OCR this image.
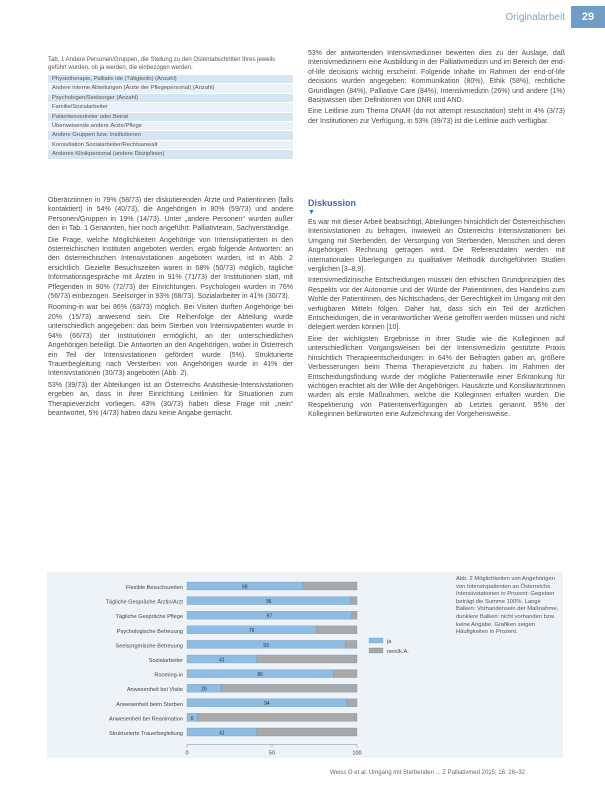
Originalarbeit	29
Tab. 1 Andere Personen/Gruppen, die Stellung zu den Ostentabschritten Ihres jeweils geführt wurden, ob ja werden, die einbezogen werden.
Physiotherapie, Palliativ ide (Tätigkeitn) (Anzahl)
Andere interne Abteilungen (Ärzte der Pflegepersonal) (Anzahl)
Psychologen/Seelsorger (Anzahl)
Familie/Sozialarbeiter
Patientenvertreter oder Beirat
Überweisende andere Ärzte/Pflege
Andere Gruppen bzw. Institutionen
Konsultation Sozialarbeiter/Rechtsanwalt
Anderes Klinikpersonal (andere Disziplinen)

53% der antwortenden Intensivmediziner bewerten dies zu der Auslage, daß Intensivmedizinern eine Ausbildung in der Palliativmedizin und im Bereich der end-of-life decisions wichtig erscheint. Folgende Inhalte im Rahmen der end-of-life decisions wurden angegeben: Kommunikation (80%), Ethik (58%), rechtliche Grundlagen (84%), Palliative Care (84%), Intensivmedizin (26%) und andere (1%) Basiswissen über Definitionen von DNR und AND.

Eine Leitlinie zum Thema DNAR (do not attempt resuscitation) steht in 4% (3/73) der Institutionen zur Verfügung, in 53% (39/73) ist die Leitlinie auch verfügbar.

Oberärztinnen in 79% (58/73) der diskutierenden Ärzte und Patientinnen (falls kontaktiert) in 54% (40/73), die Angehörigen in 80% (59/73) und andere Personen/Gruppen in 19% (14/73). Unter „andere Personen“ wurden außer den in Tab. 1 Genannten, hier noch angeführt: Palliativteam, Sachverständige.

Die Frage, welche Möglichkeiten Angehörige von Intensivpatienten in den österreichischen Instituten angeboten werden, ergab folgende Antworten: an den österreichischen Intensivstationen angeboten wurden, ist in Abb. 2 ersichtlich. Gezielte Besuchszeiten waren in 68% (50/73) möglich, tägliche Informationsgespräche mit Ärzten in 91% (71/73) der Institutionen statt, mit Pflegenden in 90% (72/73) der Einrichtungen. Psychologen wurden in 76% (56/73) einbezogen. Seelsorger in 93% (68/73). Sozialarbeiter in 41% (30/73).

Rooming-in war bei 86% (63/73) möglich. Bei Visiten durften Angehörige bei 20% (15/73) anwesend sein. Die Reihenfolge der Abteilung wurde unterschiedlich angegeben: das beim Sterben von Intensivpatienten wurde in 94% (66/73) der Institutionen ermöglicht, an der unterschiedlichen Angehörigen beteiligt. Die Antworten an den Angehörigen, wobei in Österreich ein Teil der Intensivstationen gefördert wurde (5%). Strukturierte Trauerbegleitung nach Versterben von Angehörigen wurde in 41% der Intensivstationen (30/73) angeboten (Abb. 2).

53% (39/73) der Abteilungen ist an Österreichs Anästhesie-Intensivstationen ergeben an, dass in ihrer Einrichtung Leitlinien für Situationen zum Therapieverzicht vorliegen, 43% (30/73) haben diese Frage mit „nein“ beantwortet, 5% (4/73) haben dazu keine Angabe gemacht.

Diskussion
▼

Es war mit dieser Arbeit beabsichtigt, Abteilungen hinsichtlich der Österreichischen Intensivstationen zu befragen, inwieweit an Österreichs Intensivstationen bei Umgang mit Sterbenden, der Versorgung von Sterbenden, Menschen und deren Angehörigen Rechnung getragen wird. Die Referenzdaten werden mit internationalen Überlegungen zu qualitativer Methodik durchgeführten Studien verglichen [3–8,9].

Intensivmedizinische Entscheidungen müssen den ethischen Grundprinzipien des Respekts vor der Autonomie und der Würde der Patientinnen, des Handelns zum Wohle der Patientinnen, des Nichtschadens, der Gerechtigkeit im Umgang mit den verfügbaren Mitteln folgen. Daher hat, dass sich ein Teil der ärztlichen Entscheidungen, die in verantwortlicher Weise getroffen werden müssen und nicht delegiert werden können [10].

Eine der wichtigsten Ergebnisse in ihrer Studie wie die Kolleginnen auf unterschiedlichen Vorgangsweisen bei der Intensivmedizin gestützte Praxis hinsichtlich Therapieentscheidungen: in 64% der Befragten gaben an, größere Verbesserungen beim Thema Therapieverzicht zu haben. Im Rahmen der Entscheidungsfindung wurde der mögliche Patientenwille einer Erkrankung für wichtigen erachtet als der Wille der Angehörigen. Hausärzte und Konsiliarärztinnen wurden als erste Maßnahmen, welche die Kolleginnen erhalten wurden. Die Respektierung von Patientenverfügungen ab Letztes genannt. 95% der Kolleginnen befürworten eine Aufzeichnung der Vorgehensweise.

Flexible Besuchszeiten	68
Tägliche Gespräche Ärztin/Arzt	96
Tägliche Gespräche Pflege	97
Psychologische Betreuung	76
Seelsorgerische Betreuung	93
Sozialarbeiter	41
Rooming-in	86
Anwesenheit bei Visite	20
Anwesenheit beim Sterben	94
Anwesenheit bei Reanimation 6
Strukturierte Trauerbegleitung	41
0	50	100
ja
nein/k.A.
Abb. 2 Möglichkeiten von Angehörigen von Intensivpatienten an Österreichs Intensivstationen in Prozent: Gegeben beträgt die Summe 100%. Lange Balken: Vorhandensein der Maßnahme, dunklere Balken: nicht vorhanden bzw. keine Angabe. Grafiken zeigen Häufigkeiten in Prozent.
Weiss O et al. Umgang mit Sterbenden ... Z Palliativmed 2015; 16: 26–32
